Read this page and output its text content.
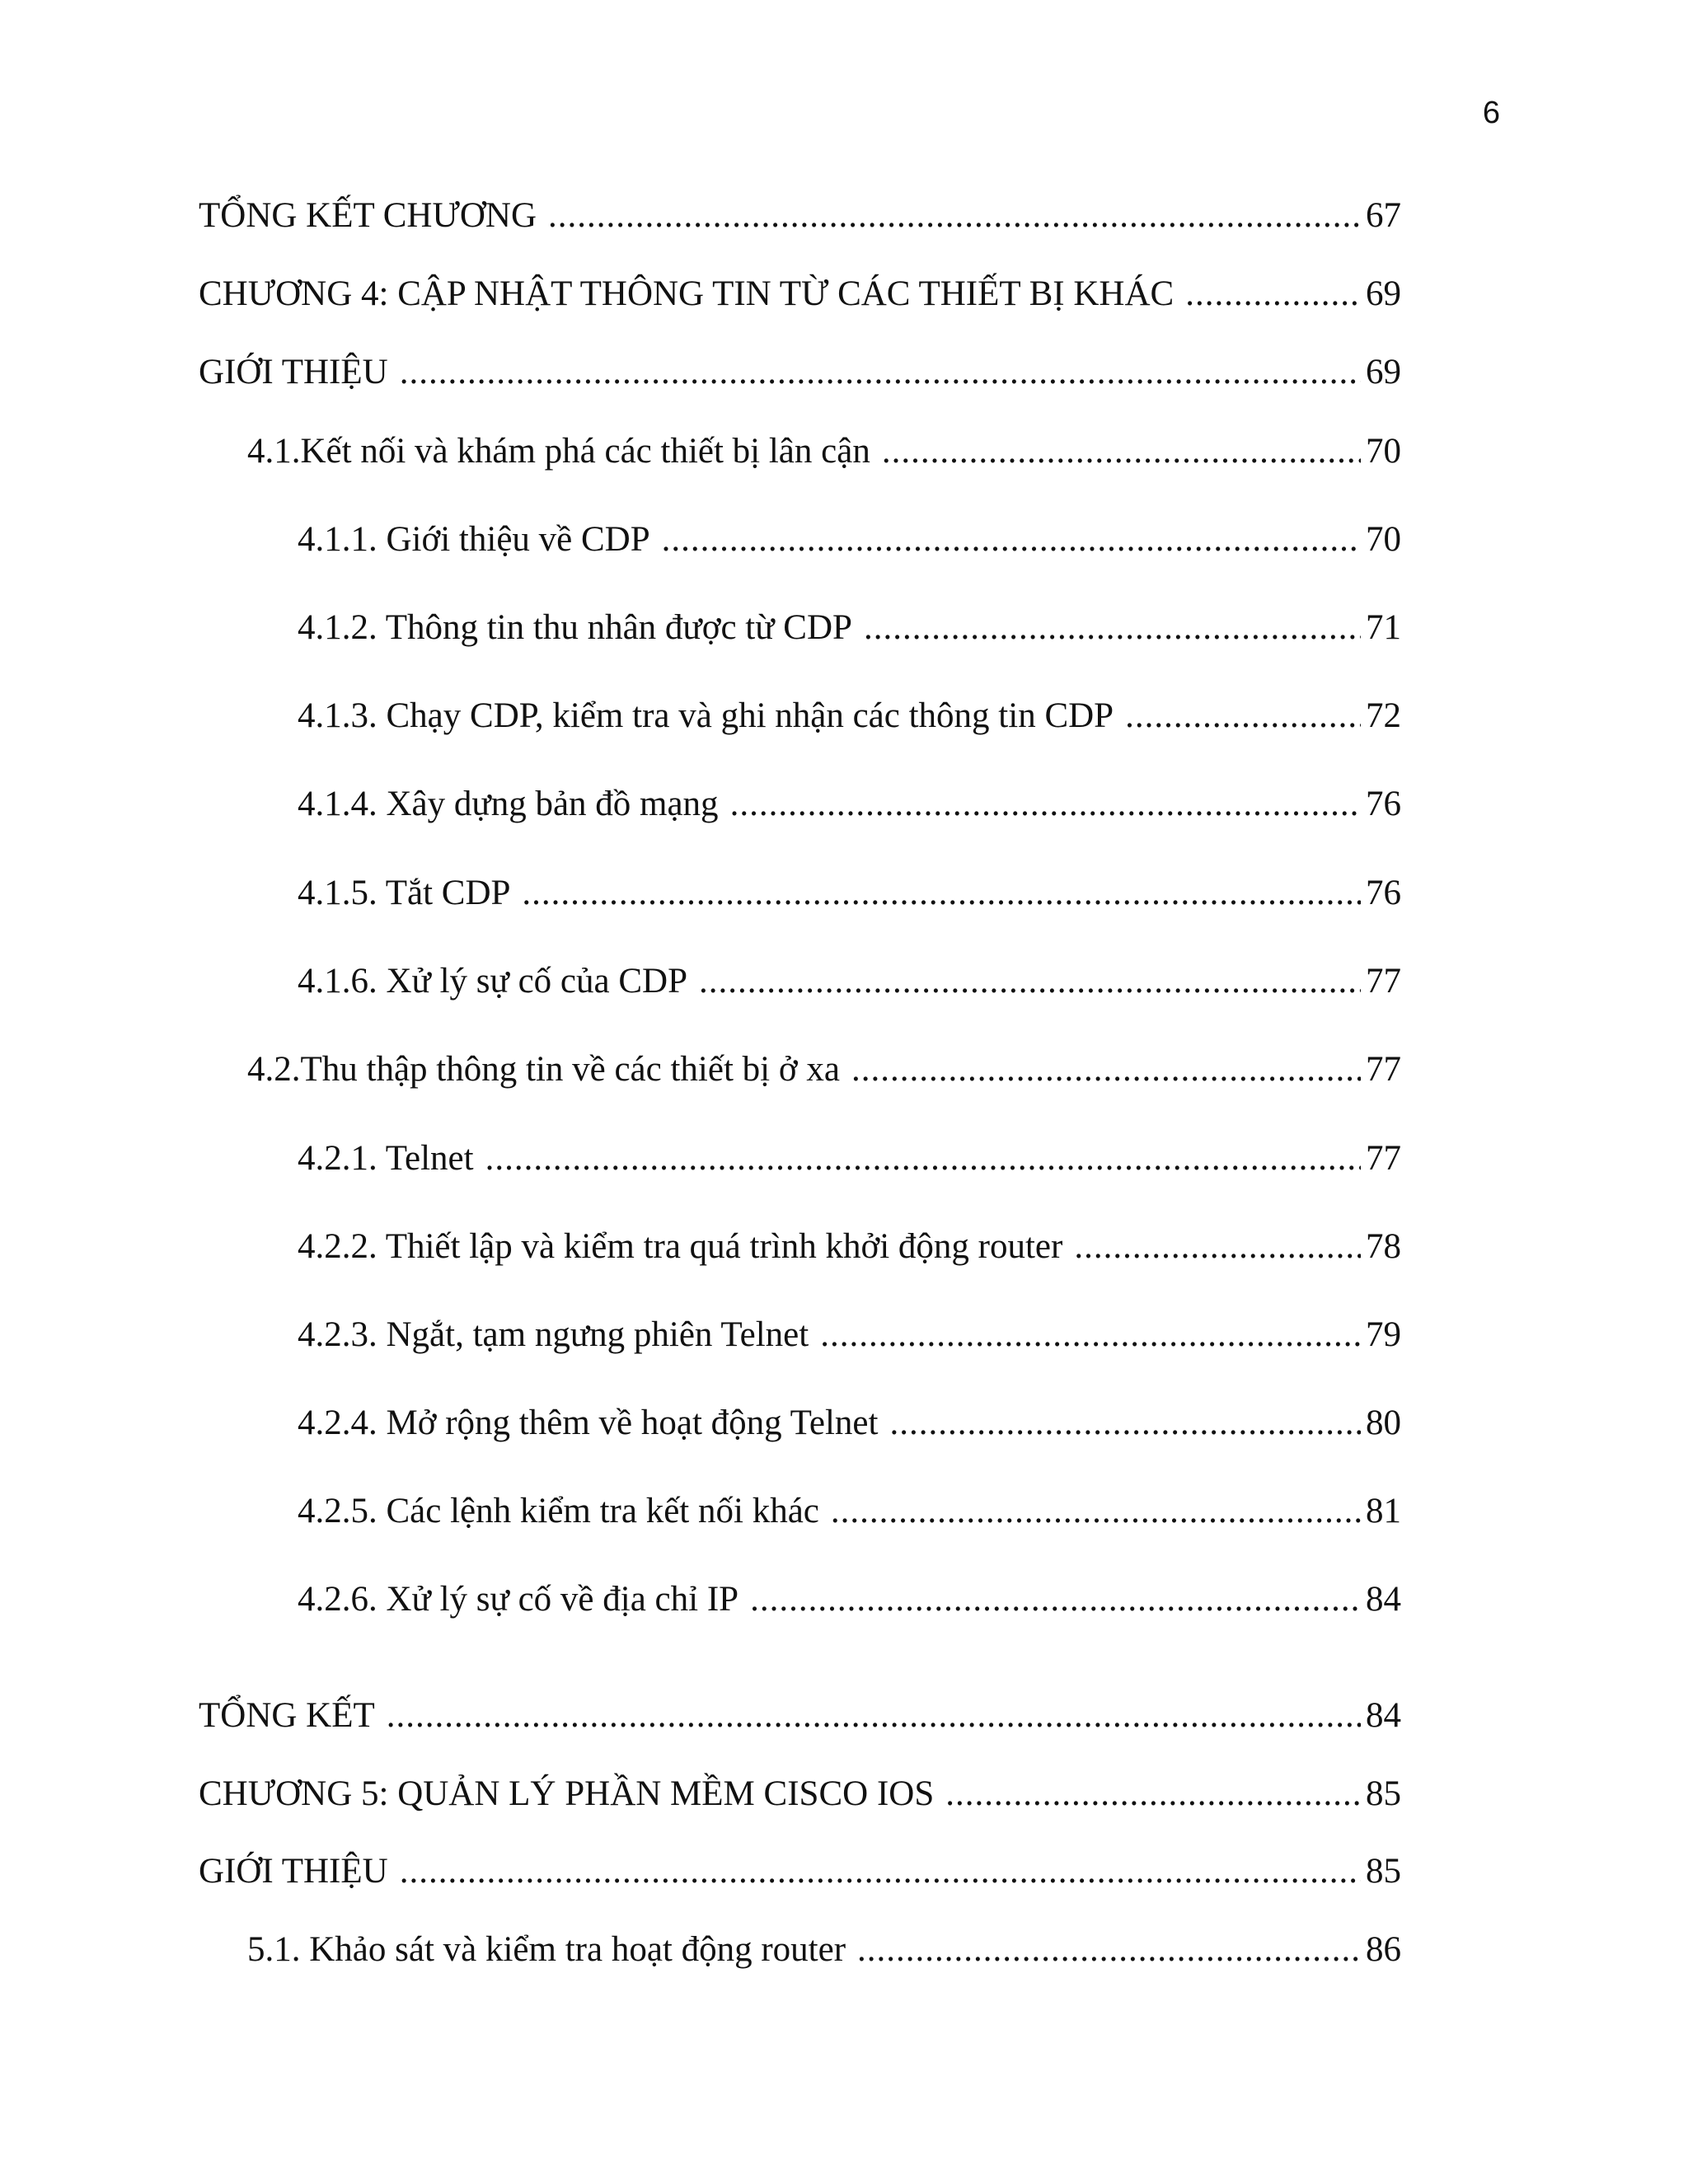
6
TỔNG KẾT CHƯƠNG .....	67
CHƯƠNG 4: CẬP NHẬT THÔNG TIN TỪ CÁC THIẾT BỊ KHÁC .....	69
GIỚI THIỆU .....	69
4.1.Kết nối và khám phá các thiết bị lân cận .....	70
4.1.1. Giới thiệu về CDP .....	70
4.1.2. Thông tin thu nhân được từ CDP .....	71
4.1.3. Chạy CDP, kiểm tra và ghi nhận các thông tin CDP .....	72
4.1.4. Xây dựng bản đồ mạng .....	76
4.1.5. Tắt CDP .....	76
4.1.6. Xử lý sự cố của CDP .....	77
4.2.Thu thập thông tin về các thiết bị ở xa .....	77
4.2.1. Telnet .....	77
4.2.2. Thiết lập và kiểm tra quá trình khởi động router .....	78
4.2.3. Ngắt, tạm ngưng phiên Telnet .....	79
4.2.4. Mở rộng thêm về hoạt động Telnet .....	80
4.2.5. Các lệnh kiểm tra kết nối khác .....	81
4.2.6. Xử lý sự cố về địa chỉ IP .....	84
TỔNG KẾT .....	84
CHƯƠNG 5: QUẢN LÝ PHẦN MỀM CISCO IOS .....	85
GIỚI THIỆU .....	85
5.1. Khảo sát và kiểm tra hoạt động router .....	86
